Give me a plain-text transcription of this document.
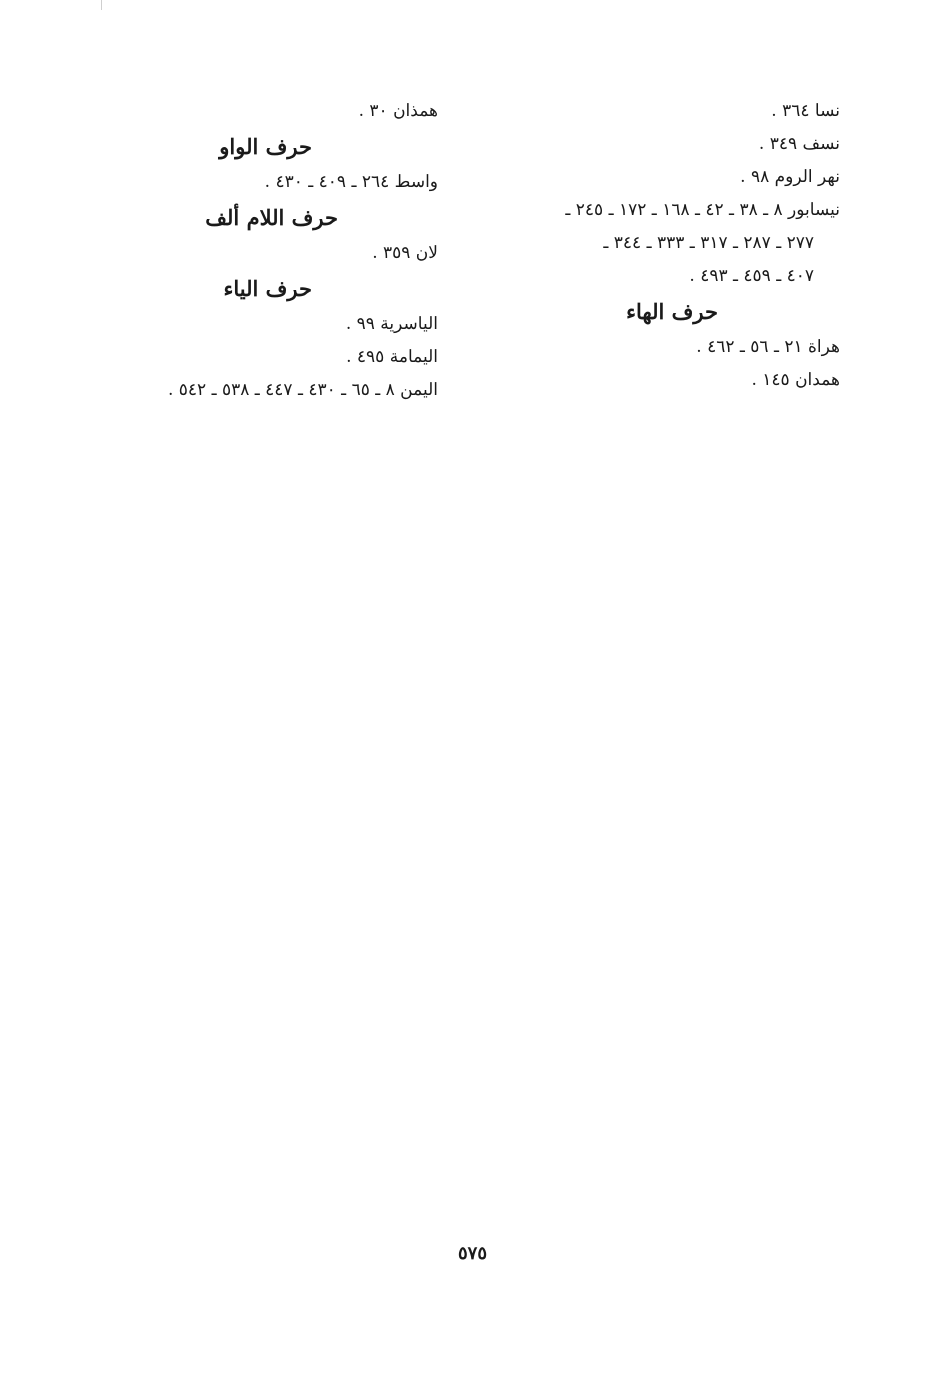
نسا ٣٦٤ .
نسف ٣٤٩ .
نهر الروم ٩٨ .
نيسابور ٨ ـ ٣٨ ـ ٤٢ ـ ١٦٨ ـ ١٧٢ ـ ٢٤٥ ـ
٢٧٧ ـ ٢٨٧ ـ ٣١٧ ـ ٣٣٣ ـ ٣٤٤ ـ
٤٠٧ ـ ٤٥٩ ـ ٤٩٣ .
حرف الهاء
هراة ٢١ ـ ٥٦ ـ ٤٦٢ .
همدان ١٤٥ .
همذان ٣٠ .
حرف الواو
واسط ٢٦٤ ـ ٤٠٩ ـ ٤٣٠ .
حرف اللام ألف
لان ٣٥٩ .
حرف الياء
الياسرية ٩٩ .
اليمامة ٤٩٥ .
اليمن ٨ ـ ٦٥ ـ ٤٣٠ ـ ٤٤٧ ـ ٥٣٨ ـ ٥٤٢ .
٥٧٥
